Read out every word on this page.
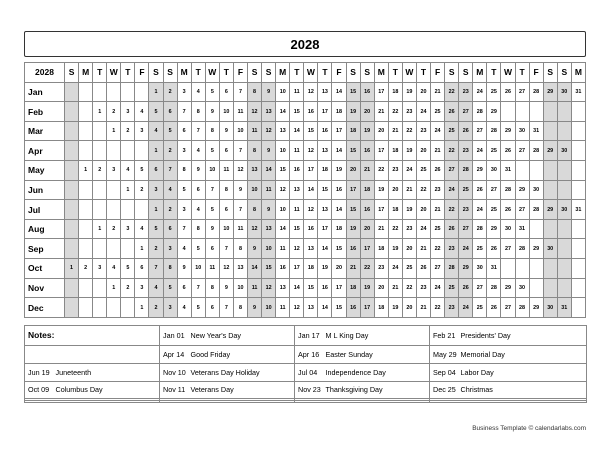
2028
2028	S	M	T	W	T	F	S	S	M	T	W	T	F	S	S	M	T	W	T	F	S	S	M	T	W	T	F	S	S	M	T	W	T	F	S	S	M
Jan							1	2	3	4	5	6	7	8	9	10	11	12	13	14	15	16	17	18	19	20	21	22	23	24	25	26	27	28	29	30	31
Feb			1	2	3	4	5	6	7	8	9	10	11	12	13	14	15	16	17	18	19	20	21	22	23	24	25	26	27	28	29						
Mar				1	2	3	4	5	6	7	8	9	10	11	12	13	14	15	16	17	18	19	20	21	22	23	24	25	26	27	28	29	30	31			
Apr							1	2	3	4	5	6	7	8	9	10	11	12	13	14	15	16	17	18	19	20	21	22	23	24	25	26	27	28	29	30	
May		1	2	3	4	5	6	7	8	9	10	11	12	13	14	15	16	17	18	19	20	21	22	23	24	25	26	27	28	29	30	31					
Jun					1	2	3	4	5	6	7	8	9	10	11	12	13	14	15	16	17	18	19	20	21	22	23	24	25	26	27	28	29	30			
Jul							1	2	3	4	5	6	7	8	9	10	11	12	13	14	15	16	17	18	19	20	21	22	23	24	25	26	27	28	29	30	31
Aug			1	2	3	4	5	6	7	8	9	10	11	12	13	14	15	16	17	18	19	20	21	22	23	24	25	26	27	28	29	30	31				
Sep						1	2	3	4	5	6	7	8	9	10	11	12	13	14	15	16	17	18	19	20	21	22	23	24	25	26	27	28	29	30		
Oct	1	2	3	4	5	6	7	8	9	10	11	12	13	14	15	16	17	18	19	20	21	22	23	24	25	26	27	28	29	30	31						
Nov				1	2	3	4	5	6	7	8	9	10	11	12	13	14	15	16	17	18	19	20	21	22	23	24	25	26	27	28	29	30				
Dec						1	2	3	4	5	6	7	8	9	10	11	12	13	14	15	16	17	18	19	20	21	22	23	24	25	26	27	28	29	30	31	
Notes:		Jan 01	New Year's Day	Jan 17	M L King Day	Feb 21	Presidents' Day
		Apr 14	Good Friday	Apr 16	Easter Sunday	May 29	Memorial Day
Jun 19	Juneteenth	Nov 10	Veterans Day Holiday	Jul 04	Independence Day	Sep 04	Labor Day
Oct 09	Columbus Day	Nov 11	Veterans Day	Nov 23	Thanksgiving Day	Dec 25	Christmas

Business Template © calendarlabs.com
